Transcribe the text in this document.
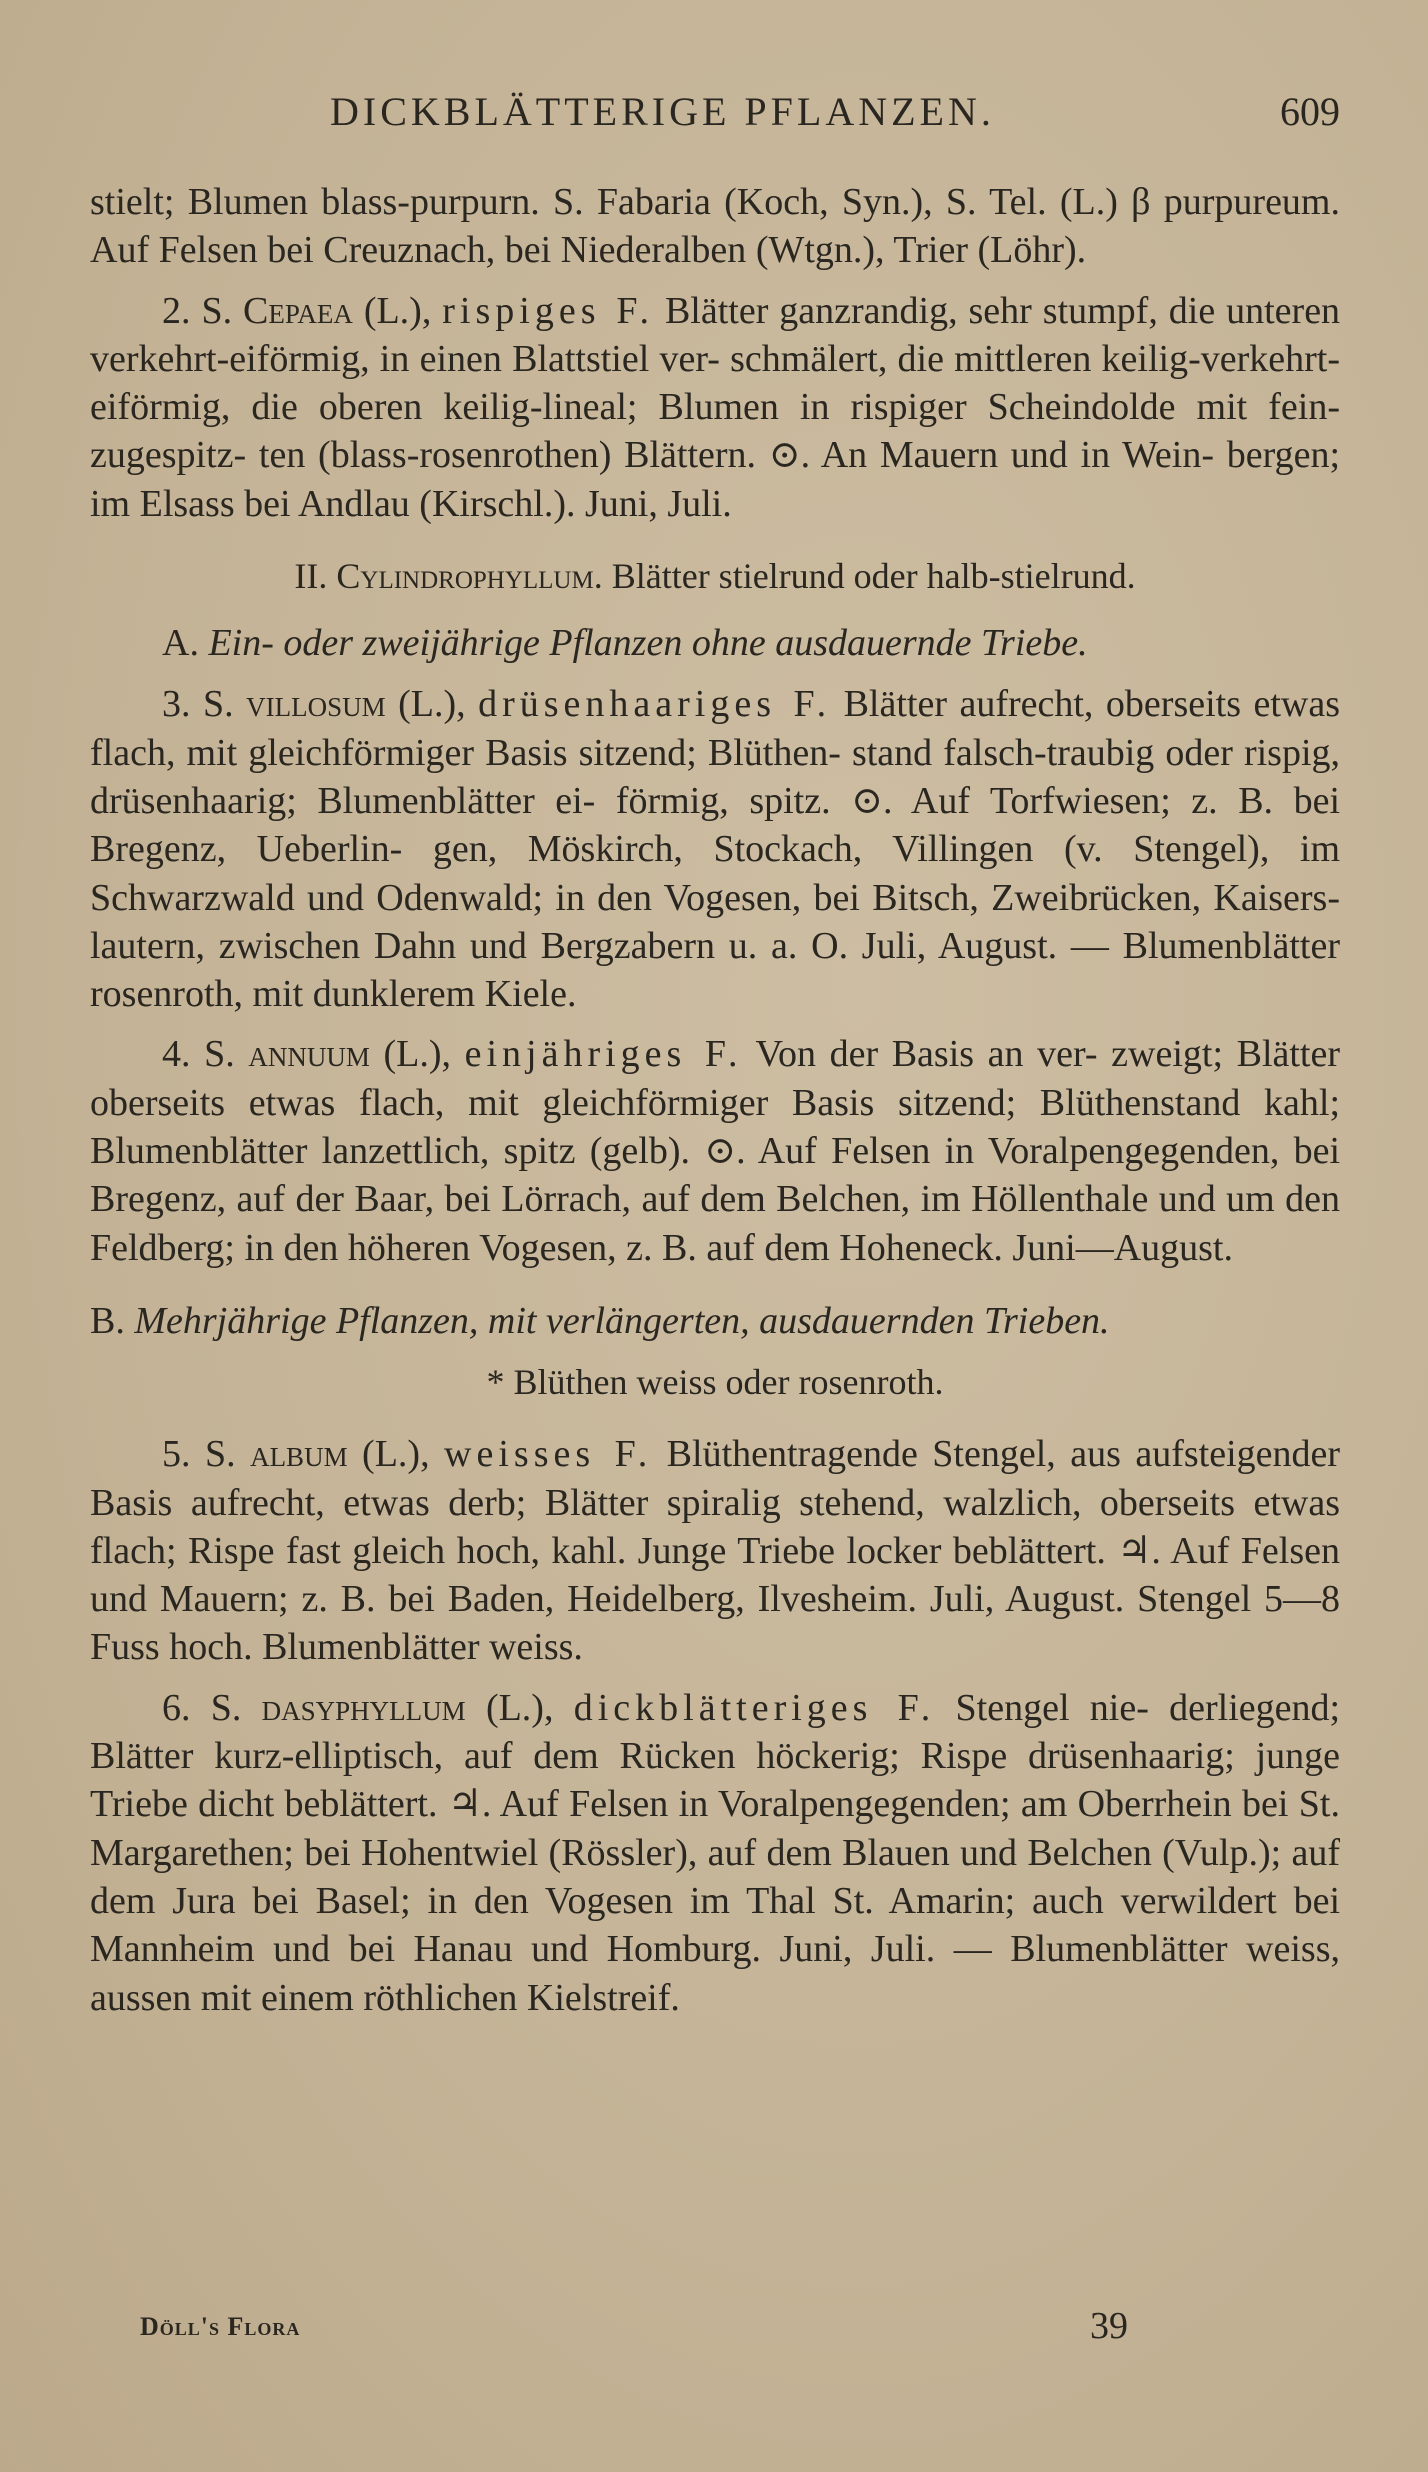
DICKBLÄTTERIGE PFLANZEN.	609

stielt; Blumen blass-purpurn. S. Fabaria (Koch, Syn.), S. Tel. (L.) β purpureum. Auf Felsen bei Creuznach, bei Niederalben (Wtgn.), Trier (Löhr).

2. S. Cepaea (L.), rispiges F. Blätter ganzrandig, sehr stumpf, die unteren verkehrt-eiförmig, in einen Blattstiel ver- schmälert, die mittleren keilig-verkehrt-eiförmig, die oberen keilig-lineal; Blumen in rispiger Scheindolde mit fein-zugespitz- ten (blass-rosenrothen) Blättern. ⊙. An Mauern und in Wein- bergen; im Elsass bei Andlau (Kirschl.). Juni, Juli.

II. Cylindrophyllum. Blätter stielrund oder halb-stielrund.

A. Ein- oder zweijährige Pflanzen ohne ausdauernde Triebe.

3. S. villosum (L.), drüsenhaariges F. Blätter aufrecht, oberseits etwas flach, mit gleichförmiger Basis sitzend; Blüthen- stand falsch-traubig oder rispig, drüsenhaarig; Blumenblätter ei- förmig, spitz. ⊙. Auf Torfwiesen; z. B. bei Bregenz, Ueberlin- gen, Möskirch, Stockach, Villingen (v. Stengel), im Schwarzwald und Odenwald; in den Vogesen, bei Bitsch, Zweibrücken, Kaisers- lautern, zwischen Dahn und Bergzabern u. a. O. Juli, August. — Blumenblätter rosenroth, mit dunklerem Kiele.

4. S. annuum (L.), einjähriges F. Von der Basis an ver- zweigt; Blätter oberseits etwas flach, mit gleichförmiger Basis sitzend; Blüthenstand kahl; Blumenblätter lanzettlich, spitz (gelb). ⊙. Auf Felsen in Voralpengegenden, bei Bregenz, auf der Baar, bei Lörrach, auf dem Belchen, im Höllenthale und um den Feldberg; in den höheren Vogesen, z. B. auf dem Hoheneck. Juni—August.

B. Mehrjährige Pflanzen, mit verlängerten, ausdauernden Trieben.

* Blüthen weiss oder rosenroth.

5. S. album (L.), weisses F. Blüthentragende Stengel, aus aufsteigender Basis aufrecht, etwas derb; Blätter spiralig stehend, walzlich, oberseits etwas flach; Rispe fast gleich hoch, kahl. Junge Triebe locker beblättert. ♃. Auf Felsen und Mauern; z. B. bei Baden, Heidelberg, Ilvesheim. Juli, August. Stengel 5—8 Fuss hoch. Blumenblätter weiss.

6. S. dasyphyllum (L.), dickblätteriges F. Stengel nie- derliegend; Blätter kurz-elliptisch, auf dem Rücken höckerig; Rispe drüsenhaarig; junge Triebe dicht beblättert. ♃. Auf Felsen in Voralpengegenden; am Oberrhein bei St. Margarethen; bei Hohentwiel (Rössler), auf dem Blauen und Belchen (Vulp.); auf dem Jura bei Basel; in den Vogesen im Thal St. Amarin; auch verwildert bei Mannheim und bei Hanau und Homburg. Juni, Juli. — Blumenblätter weiss, aussen mit einem röthlichen Kielstreif.

Döll's Flora	39
